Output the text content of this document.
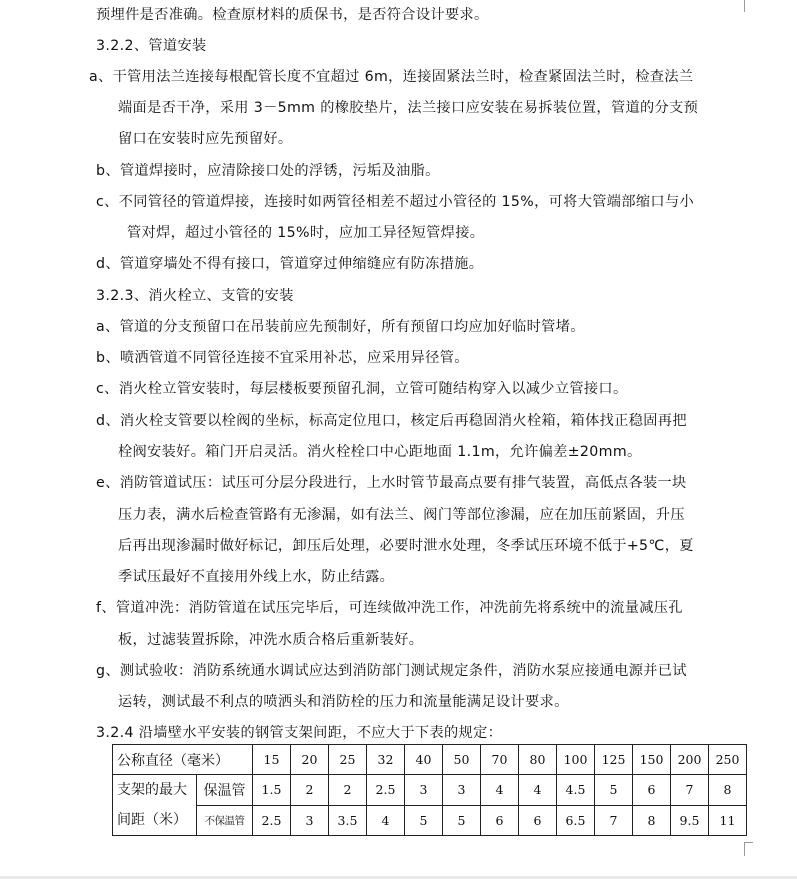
预埋件是否准确。检查原材料的质保书，是否符合设计要求。
3.2.2、管道安装
a、干管用法兰连接每根配管长度不宜超过 6m，连接固紧法兰时，检查紧固法兰时，检查法兰
端面是否干净，采用 3－5mm 的橡胶垫片，法兰接口应安装在易拆装位置，管道的分支预
留口在安装时应先预留好。
b、管道焊接时，应清除接口处的浮锈，污垢及油脂。
c、不同管径的管道焊接，连接时如两管径相差不超过小管径的 15%，可将大管端部缩口与小
管对焊，超过小管径的 15%时，应加工异径短管焊接。
d、管道穿墙处不得有接口，管道穿过伸缩缝应有防冻措施。
3.2.3、消火栓立、支管的安装
a、管道的分支预留口在吊装前应先预制好，所有预留口均应加好临时管堵。
b、喷洒管道不同管径连接不宜采用补芯，应采用异径管。
c、消火栓立管安装时，每层楼板要预留孔洞，立管可随结构穿入以减少立管接口。
d、消火栓支管要以栓阀的坐标，标高定位甩口，核定后再稳固消火栓箱，箱体找正稳固再把
栓阀安装好。箱门开启灵活。消火栓栓口中心距地面 1.1m，允许偏差±20mm。
e、消防管道试压：试压可分层分段进行，上水时管节最高点要有排气装置，高低点各装一块
压力表，满水后检查管路有无渗漏，如有法兰、阀门等部位渗漏，应在加压前紧固，升压
后再出现渗漏时做好标记，卸压后处理，必要时泄水处理，冬季试压环境不低于+5℃，夏
季试压最好不直接用外线上水，防止结露。
f、管道冲洗：消防管道在试压完毕后，可连续做冲洗工作，冲洗前先将系统中的流量减压孔
板，过滤装置拆除，冲洗水质合格后重新装好。
g、测试验收：消防系统通水调试应达到消防部门测试规定条件，消防水泵应接通电源并已试
运转，测试最不利点的喷洒头和消防栓的压力和流量能满足设计要求。
3.2.4 沿墙壁水平安装的钢管支架间距，不应大于下表的规定：
公称直径（毫米）		15	20	25	32	40	50	70	80	100	125	150	200	250
支架的最大
间距（米）	保温管	1.5	2	2	2.5	3	3	4	4	4.5	5	6	7	8
	不保温管	2.5	3	3.5	4	5	5	6	6	6.5	7	8	9.5	11
